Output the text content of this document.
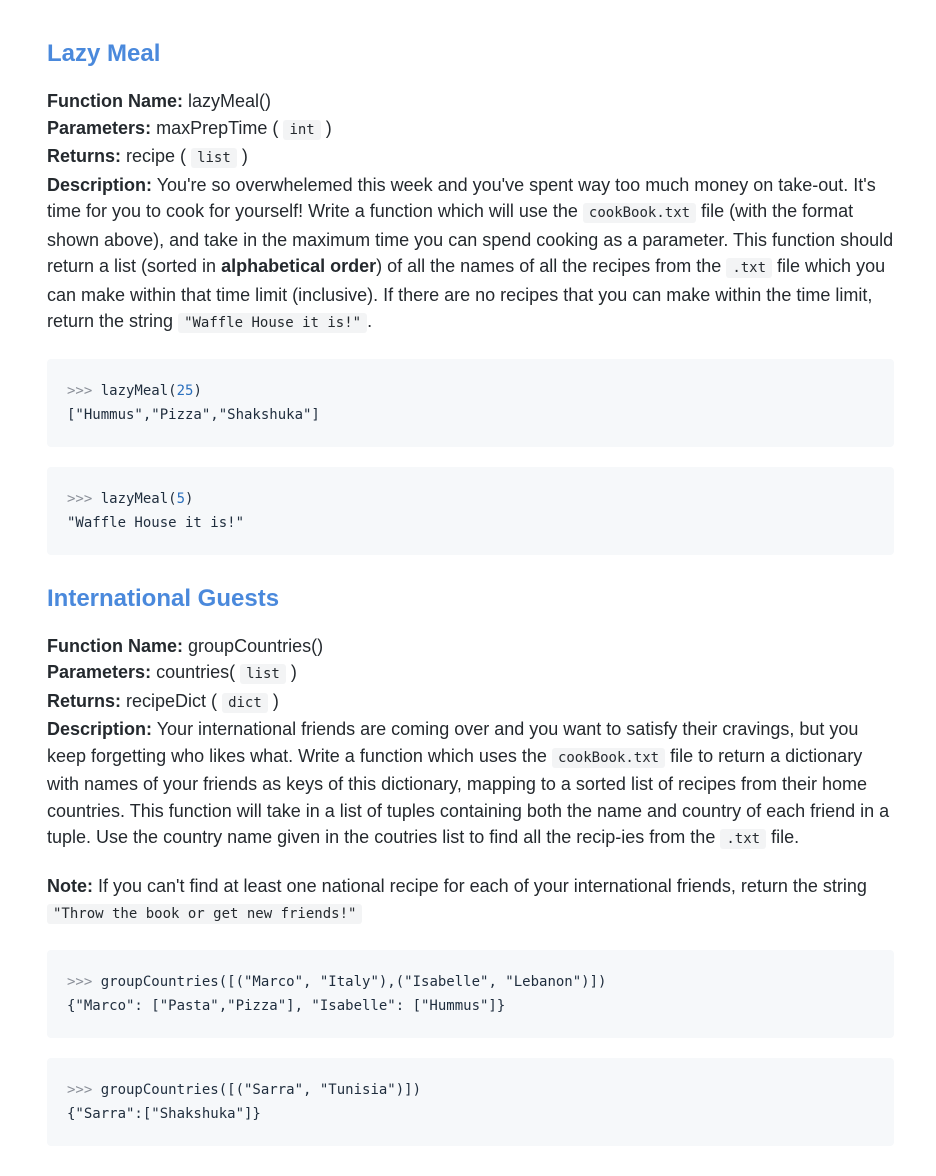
Lazy Meal

Function Name: lazyMeal()

Parameters: maxPrepTime ( int )

Returns: recipe ( list )

Description: You're so overwhelemed this week and you've spent way too much money on take-out. It's time for you to cook for yourself! Write a function which will use the cookBook.txt file (with the format shown above), and take in the maximum time you can spend cooking as a parameter. This function should return a list (sorted in alphabetical order) of all the names of all the recipes from the .txt file which you can make within that time limit (inclusive). If there are no recipes that you can make within the time limit, return the string "Waffle House it is!" .

>>> lazyMeal(25)
["Hummus","Pizza","Shakshuka"]
>>> lazyMeal(5)
"Waffle House it is!"
International Guests

Function Name: groupCountries()

Parameters: countries( list )

Returns: recipeDict ( dict )

Description: Your international friends are coming over and you want to satisfy their cravings, but you keep forgetting who likes what. Write a function which uses the cookBook.txt file to return a dictionary with names of your friends as keys of this dictionary, mapping to a sorted list of recipes from their home countries. This function will take in a list of tuples containing both the name and country of each friend in a tuple. Use the country name given in the coutries list to find all the recip-ies from the .txt file.

Note: If you can't find at least one national recipe for each of your international friends, return the string "Throw the book or get new friends!"

>>> groupCountries([("Marco", "Italy"),("Isabelle", "Lebanon")])
{"Marco": ["Pasta","Pizza"], "Isabelle": ["Hummus"]}
>>> groupCountries([("Sarra", "Tunisia")])
{"Sarra":["Shakshuka"]}
